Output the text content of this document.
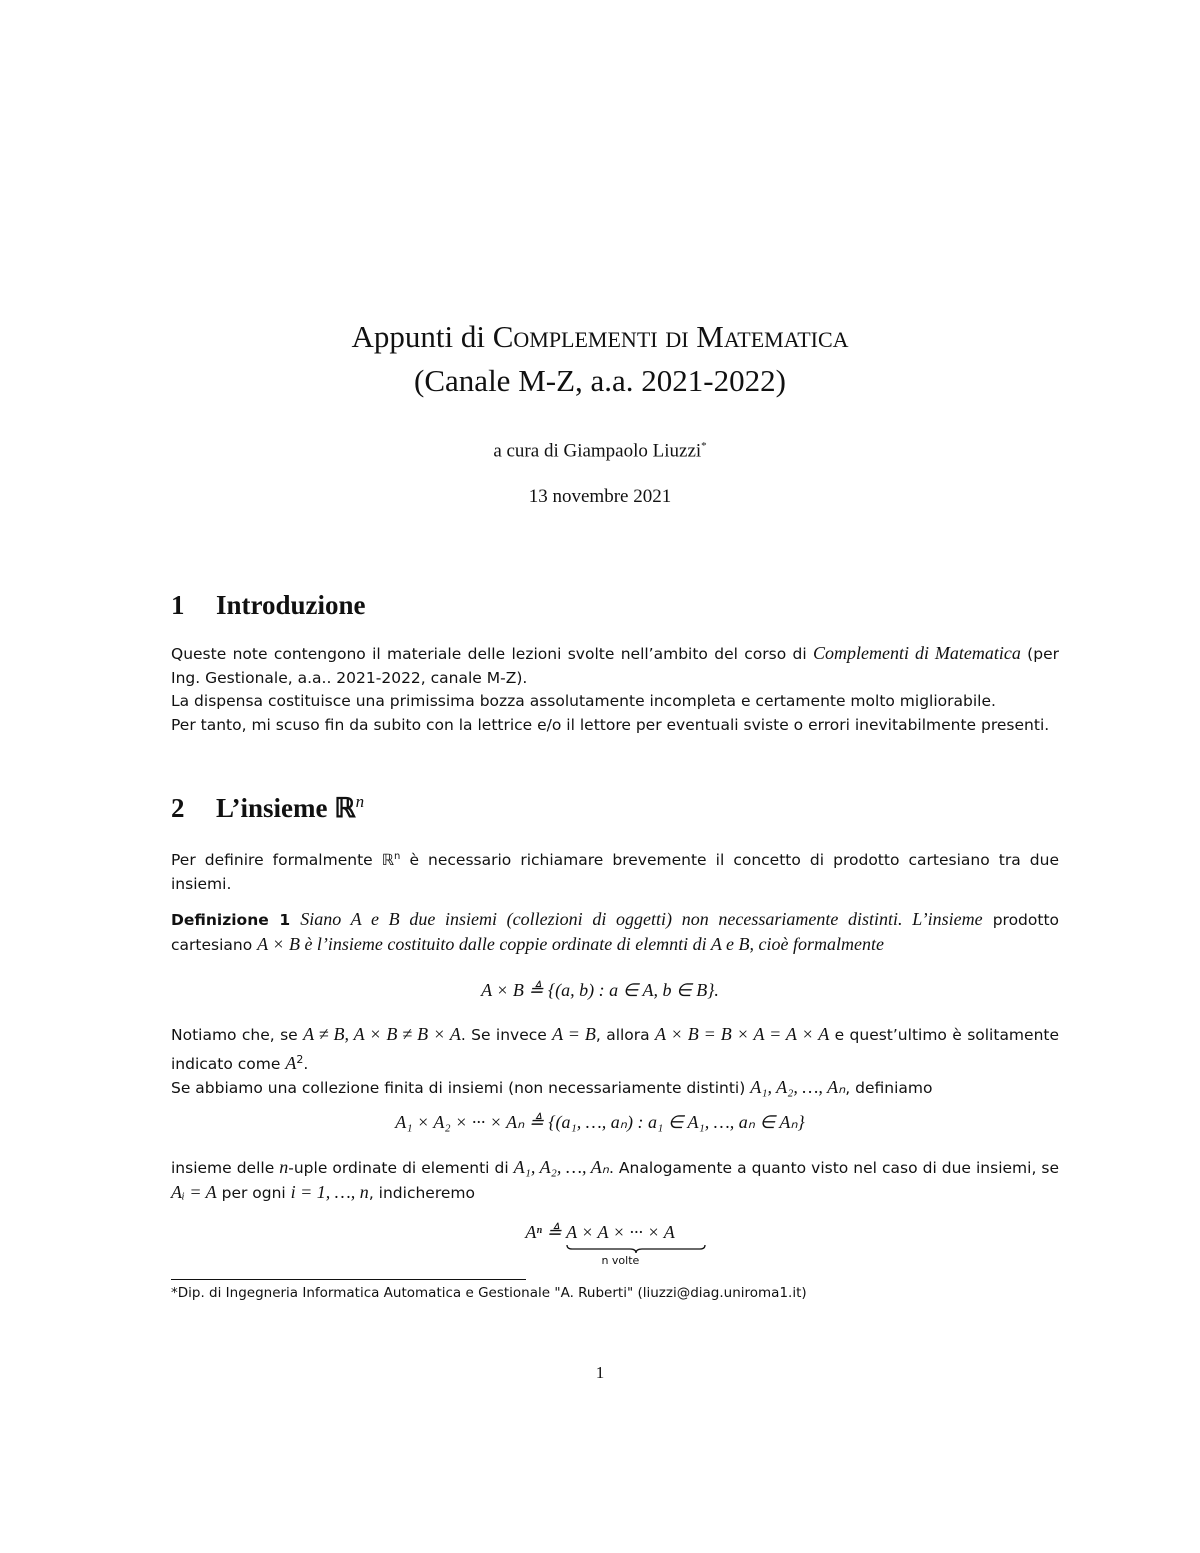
Appunti di Complementi di Matematica
(Canale M-Z, a.a. 2021-2022)
a cura di Giampaolo Liuzzi*
13 novembre 2021
1 Introduzione

Queste note contengono il materiale delle lezioni svolte nell’ambito del corso di Complementi di Matematica (per Ing. Gestionale, a.a.. 2021-2022, canale M-Z).

La dispensa costituisce una primissima bozza assolutamente incompleta e certamente molto migliorabile.

Per tanto, mi scuso fin da subito con la lettrice e/o il lettore per eventuali sviste o errori inevitabilmente presenti.

2 L’insieme ℝ$^n$

Per definire formalmente ℝ$^n$ è necessario richiamare brevemente il concetto di prodotto cartesiano tra due insiemi.

Definizione 1 Siano A e B due insiemi (collezioni di oggetti) non necessariamente distinti. L’insieme prodotto cartesiano A × B è l’insieme costituito dalle coppie ordinate di elemnti di A e B, cioè formalmente

A × B ≜ {(a, b) : a ∈ A, b ∈ B}.

Notiamo che, se A ≠ B, A × B ≠ B × A. Se invece A = B, allora A × B = B × A = A × A e quest’ultimo è solitamente indicato come $A^2$.

Se abbiamo una collezione finita di insiemi (non necessariamente distinti) A₁, A₂, …, Aₙ, definiamo

A₁ × A₂ × ··· × Aₙ ≜ {(a₁, …, aₙ) : a₁ ∈ A₁, …, aₙ ∈ Aₙ}

insieme delle n-uple ordinate di elementi di A₁, A₂, …, Aₙ. Analogamente a quanto visto nel caso di due insiemi, se Aᵢ = A per ogni i = 1, …, n, indicheremo

Aⁿ ≜ A × A × ··· × A
n volte
*Dip. di Ingegneria Informatica Automatica e Gestionale "A. Ruberti" (liuzzi@diag.uniroma1.it)
1
